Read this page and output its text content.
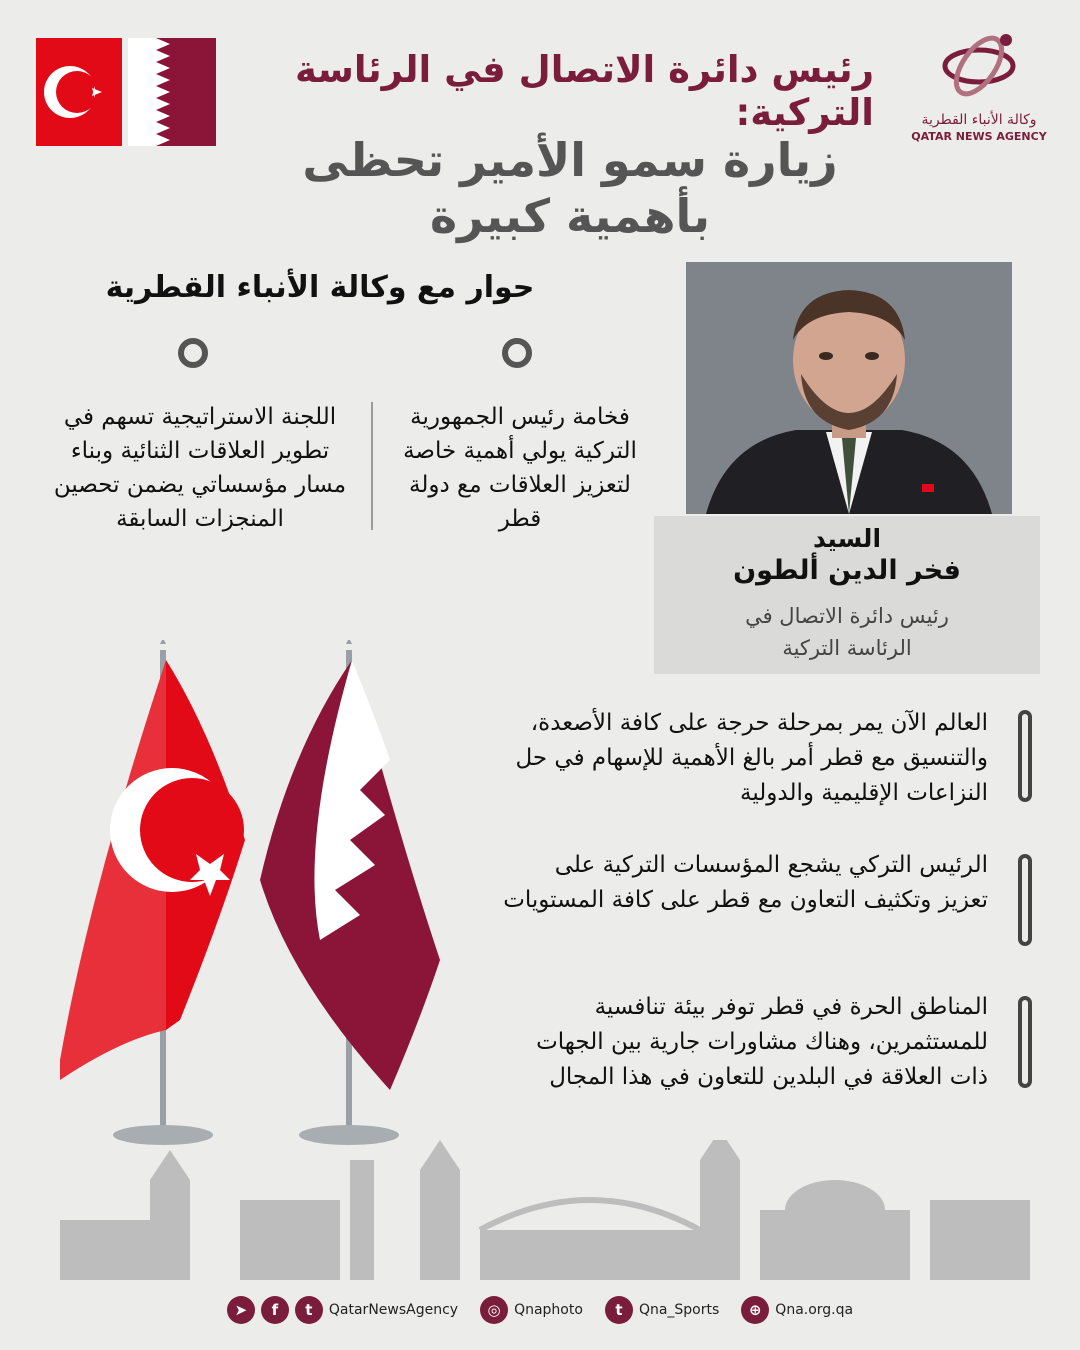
وكالة الأنباء القطرية
QATAR NEWS AGENCY
رئيس دائرة الاتصال في الرئاسة التركية:
زيارة سمو الأمير تحظى بأهمية كبيرة
حوار مع وكالة الأنباء القطرية
فخامة رئيس الجمهورية التركية يولي أهمية خاصة لتعزيز العلاقات مع دولة قطر
اللجنة الاستراتيجية تسهم في تطوير العلاقات الثنائية وبناء مسار مؤسساتي يضمن تحصين المنجزات السابقة
السيد
فخر الدين ألطون
رئيس دائرة الاتصال في الرئاسة التركية
العالم الآن يمر بمرحلة حرجة على كافة الأصعدة، والتنسيق مع قطر أمر بالغ الأهمية للإسهام في حل النزاعات الإقليمية والدولية
الرئيس التركي يشجع المؤسسات التركية على تعزيز وتكثيف التعاون مع قطر على كافة المستويات
المناطق الحرة في قطر توفر بيئة تنافسية للمستثمرين، وهناك مشاورات جارية بين الجهات ذات العلاقة في البلدين للتعاون في هذا المجال
➤	f	t	QatarNewsAgency	◎ Qnaphoto	t	Qna_Sports	⊕ Qna.org.qa
